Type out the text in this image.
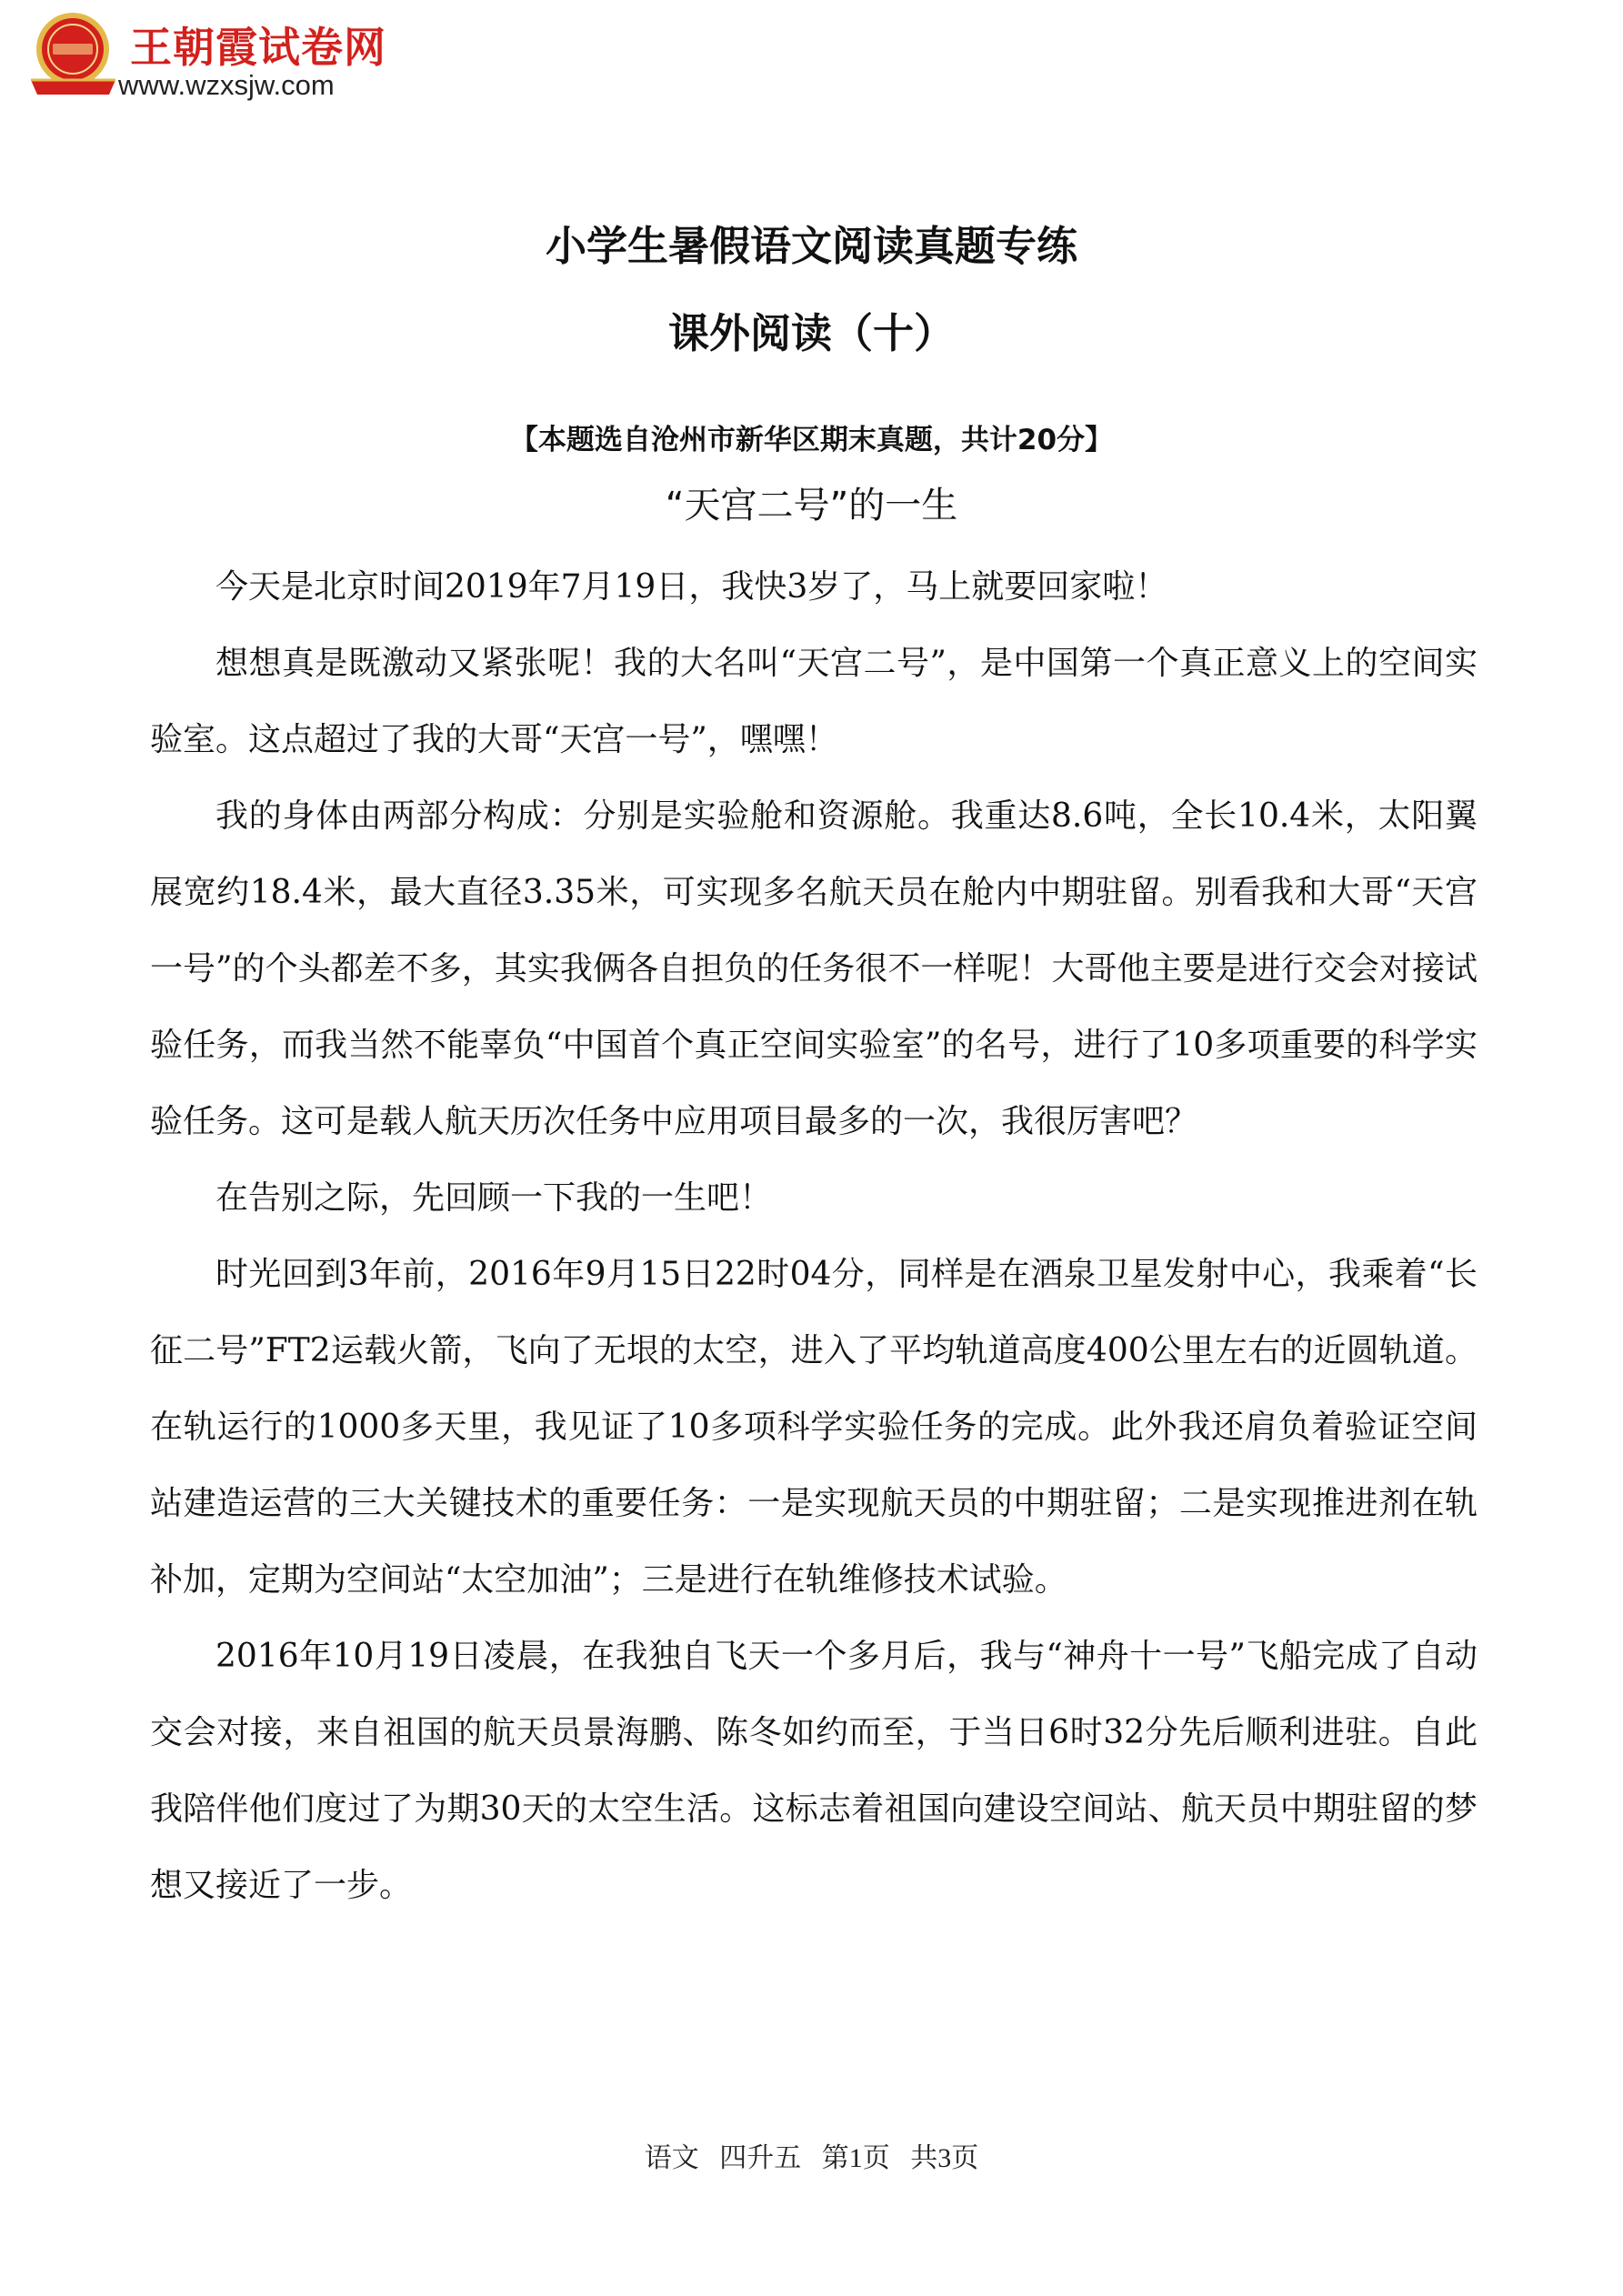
王朝霞试卷网
www.wzxsjw.com
小学生暑假语文阅读真题专练
课外阅读（十）
【本题选自沧州市新华区期末真题，共计20分】
“天宫二号”的一生

今天是北京时间2019年7月19日，我快3岁了，马上就要回家啦！

想想真是既激动又紧张呢！我的大名叫“天宫二号”，是中国第一个真正意义上的空间实验室。这点超过了我的大哥“天宫一号”，嘿嘿！

我的身体由两部分构成：分别是实验舱和资源舱。我重达8.6吨，全长10.4米，太阳翼展宽约18.4米，最大直径3.35米，可实现多名航天员在舱内中期驻留。别看我和大哥“天宫一号”的个头都差不多，其实我俩各自担负的任务很不一样呢！大哥他主要是进行交会对接试验任务，而我当然不能辜负“中国首个真正空间实验室”的名号，进行了10多项重要的科学实验任务。这可是载人航天历次任务中应用项目最多的一次，我很厉害吧？

在告别之际，先回顾一下我的一生吧！

时光回到3年前，2016年9月15日22时04分，同样是在酒泉卫星发射中心，我乘着“长征二号”FT2运载火箭，飞向了无垠的太空，进入了平均轨道高度400公里左右的近圆轨道。在轨运行的1000多天里，我见证了10多项科学实验任务的完成。此外我还肩负着验证空间站建造运营的三大关键技术的重要任务：一是实现航天员的中期驻留；二是实现推进剂在轨补加，定期为空间站“太空加油”；三是进行在轨维修技术试验。

2016年10月19日凌晨，在我独自飞天一个多月后，我与“神舟十一号”飞船完成了自动交会对接，来自祖国的航天员景海鹏、陈冬如约而至，于当日6时32分先后顺利进驻。自此我陪伴他们度过了为期30天的太空生活。这标志着祖国向建设空间站、航天员中期驻留的梦想又接近了一步。

语文   四升五   第1页   共3页
